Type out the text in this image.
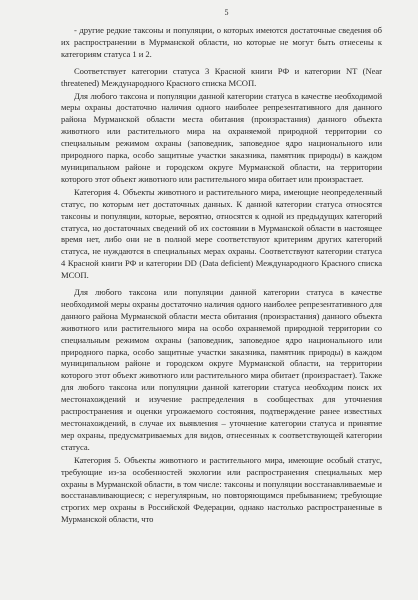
5

- другие редкие таксоны и популяции, о которых имеются достаточные сведения об их распространении в Мурманской области, но которые не могут быть отнесены к категориям статуса 1 и 2.

Соответствует категории статуса 3 Красной книги РФ и категории NT (Near threatened) Международного Красного списка МСОП.

Для любого таксона и популяции данной категории статуса в качестве необходимой меры охраны достаточно наличия одного наиболее репрезентативного для данного района Мурманской области места обитания (произрастания) данного объекта животного или растительного мира на охраняемой природной территории со специальным режимом охраны (заповедник, заповедное ядро национального или природного парка, особо защитные участки заказника, памятник природы) в каждом муниципальном районе и городском округе Мурманской области, на территории которого этот объект животного или растительного мира обитает или произрастает.

Категория 4. Объекты животного и растительного мира, имеющие неопределенный статус, по которым нет достаточных данных. К данной категории статуса относятся таксоны и популяции, которые, вероятно, относятся к одной из предыдущих категорий статуса, но достаточных сведений об их состоянии в Мурманской области в настоящее время нет, либо они не в полной мере соответствуют критериям других категорий статуса, не нуждаются в специальных мерах охраны. Соответствуют категории статуса 4 Красной книги РФ и категории DD (Data deficient) Международного Красного списка МСОП.

Для любого таксона или популяции данной категории статуса в качестве необходимой меры охраны достаточно наличия одного наиболее репрезентативного для данного района Мурманской области места обитания (произрастания) данного объекта животного или растительного мира на особо охраняемой природной территории со специальным режимом охраны (заповедник, заповедное ядро национального или природного парка, особо защитные участки заказника, памятник природы) в каждом муниципальном районе и городском округе Мурманской области, на территории которого этот объект животного или растительного мира обитает (произрастает). Также для любого таксона или популяции данной категории статуса необходим поиск их местонахождений и изучение распределения в сообществах для уточнения распространения и оценки угрожаемого состояния, подтверждение ранее известных местонахождений, в случае их выявления – уточнение категории статуса и принятие мер охраны, предусматриваемых для видов, отнесенных к соответствующей категории статуса.

Категория 5. Объекты животного и растительного мира, имеющие особый статус, требующие из-за особенностей экологии или распространения специальных мер охраны в Мурманской области, в том числе: таксоны и популяции восстанавливаемые и восстанавливающиеся; с нерегулярным, но повторяющимся пребыванием; требующие строгих мер охраны в Российской Федерации, однако настолько распространенные в Мурманской области, что
